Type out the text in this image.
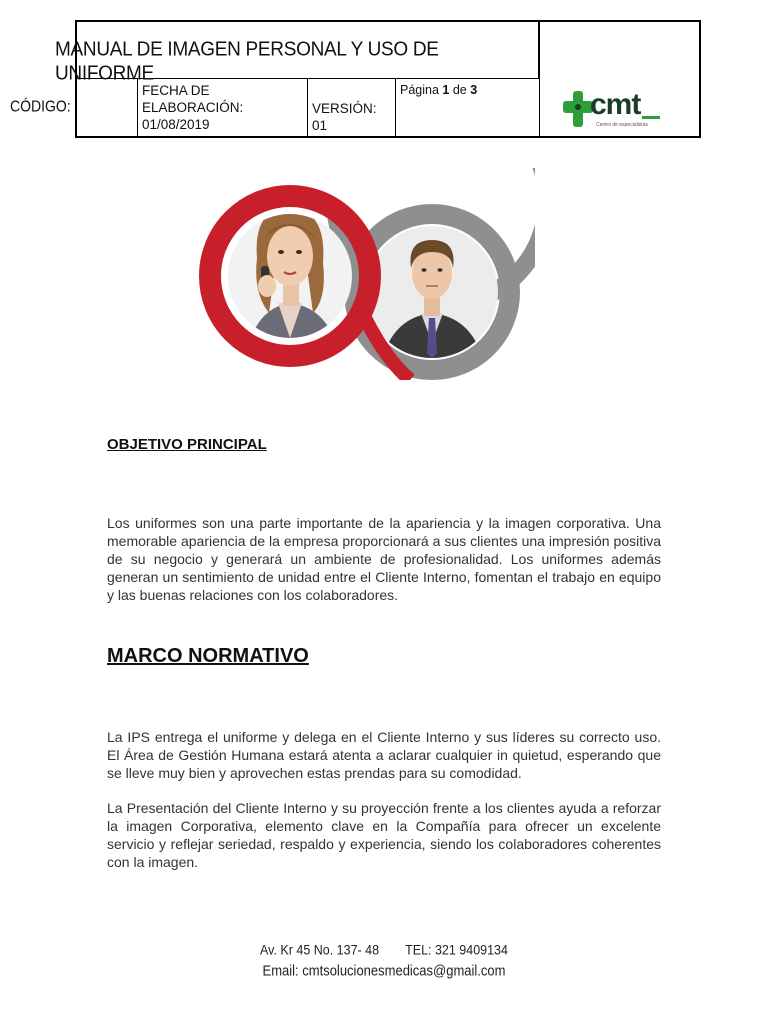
FECHA DE ELABORACIÓN:
01/08/2019
VERSIÓN: 01
Página 1 de 3
MANUAL DE IMAGEN PERSONAL Y USO DE UNIFORME
CÓDIGO:	cmt
Centro de especialistas
OBJETIVO PRINCIPAL
Los uniformes son una parte importante de la apariencia y la imagen corporativa. Una memorable apariencia de la empresa proporcionará a sus clientes una impresión positiva de su negocio y generará un ambiente de profesionalidad. Los uniformes además generan un sentimiento de unidad entre el Cliente Interno, fomentan el trabajo en equipo y las buenas relaciones con los colaboradores.
MARCO NORMATIVO
La IPS entrega el uniforme y delega en el Cliente Interno y sus líderes su correcto uso. El Área de Gestión Humana estará atenta a aclarar cualquier in quietud, esperando que se lleve muy bien y aprovechen estas prendas para su comodidad.
La Presentación del Cliente Interno y su proyección frente a los clientes ayuda a reforzar la imagen Corporativa, elemento clave en la Compañía para ofrecer un excelente servicio y reflejar seriedad, respaldo y experiencia, siendo los colaboradores coherentes con la imagen.
Av. Kr 45 No. 137- 48 TEL: 321 9409134
Email: cmtsolucionesmedicas@gmail.com
